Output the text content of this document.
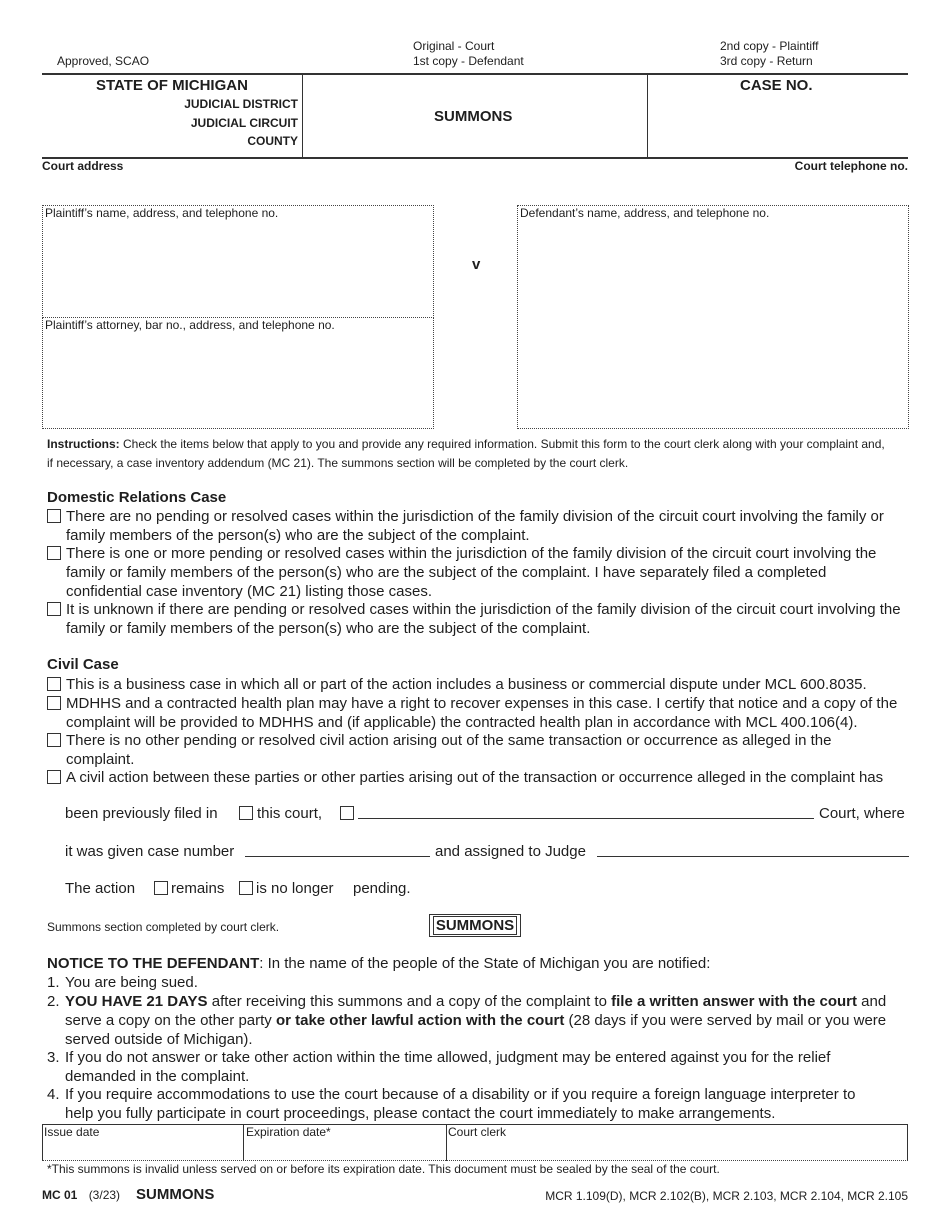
Approved, SCAO
Original - Court
1st copy - Defendant
2nd copy - Plaintiff
3rd copy - Return
STATE OF MICHIGAN
JUDICIAL DISTRICT
JUDICIAL CIRCUIT
COUNTY
SUMMONS
CASE NO.
Court address	Court telephone no.
Plaintiff’s name, address, and telephone no.
Plaintiff’s attorney, bar no., address, and telephone no.
v
Defendant’s name, address, and telephone no.
Instructions: Check the items below that apply to you and provide any required information. Submit this form to the court clerk along with your complaint and,
if necessary, a case inventory addendum (MC 21). The summons section will be completed by the court clerk.
Domestic Relations Case
There are no pending or resolved cases within the jurisdiction of the family division of the circuit court involving the family or family members of the person(s) who are the subject of the complaint.
There is one or more pending or resolved cases within the jurisdiction of the family division of the circuit court involving the family or family members of the person(s) who are the subject of the complaint. I have separately filed a completed confidential case inventory (MC 21) listing those cases.
It is unknown if there are pending or resolved cases within the jurisdiction of the family division of the circuit court involving the family or family members of the person(s) who are the subject of the complaint.
Civil Case
This is a business case in which all or part of the action includes a business or commercial dispute under MCL 600.8035.
MDHHS and a contracted health plan may have a right to recover expenses in this case. I certify that notice and a copy of the complaint will be provided to MDHHS and (if applicable) the contracted health plan in accordance with MCL 400.106(4).
There is no other pending or resolved civil action arising out of the same transaction or occurrence as alleged in the complaint.
A civil action between these parties or other parties arising out of the transaction or occurrence alleged in the complaint has
been previously filed in	this court,	Court, where
it was given case number	and assigned to Judge
The action remains is no longer pending.
Summons section completed by court clerk.	SUMMONS
NOTICE TO THE DEFENDANT: In the name of the people of the State of Michigan you are notified:
1. You are being sued.
2. YOU HAVE 21 DAYS after receiving this summons and a copy of the complaint to file a written answer with the court and serve a copy on the other party or take other lawful action with the court (28 days if you were served by mail or you were served outside of Michigan).
3. If you do not answer or take other action within the time allowed, judgment may be entered against you for the relief demanded in the complaint.
4. If you require accommodations to use the court because of a disability or if you require a foreign language interpreter to help you fully participate in court proceedings, please contact the court immediately to make arrangements.
Issue date	Expiration date*	Court clerk
*This summons is invalid unless served on or before its expiration date. This document must be sealed by the seal of the court.
MC 01 (3/23) SUMMONS	MCR 1.109(D), MCR 2.102(B), MCR 2.103, MCR 2.104, MCR 2.105
